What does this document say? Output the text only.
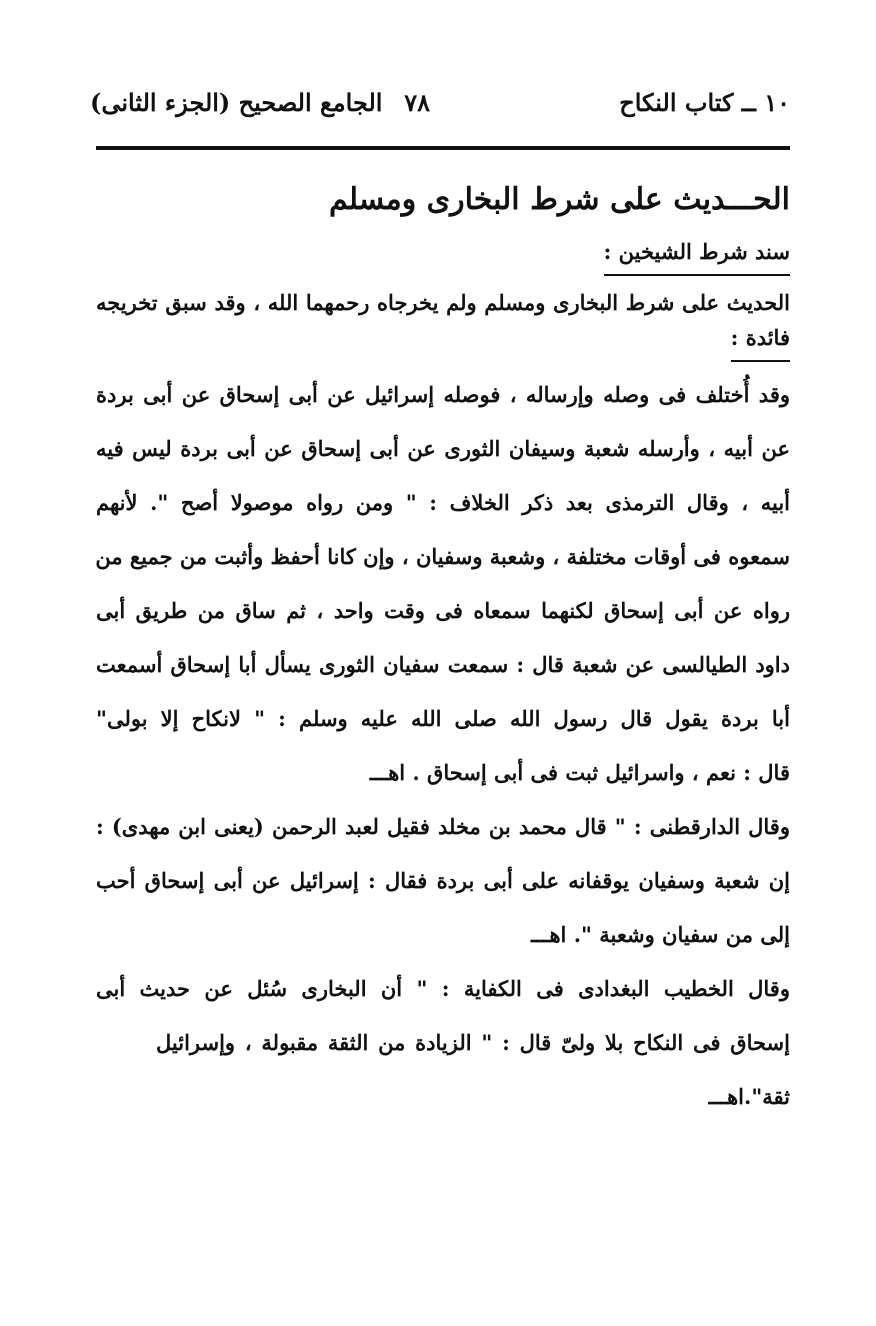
١٠ ــ كتاب النكاح
٧٨
الجامع الصحيح (الجزء الثانى)
الحـــديث على شرط البخارى ومسلم
سند شرط الشيخين :
الحديث على شرط البخارى ومسلم ولم يخرجاه رحمهما الله ، وقد سبق تخريجه
فائدة :
وقد أُختلف فى وصله وإرساله ، فوصله إسرائيل عن أبى إسحاق عن أبى بردة
عن أبيه ، وأرسله شعبة وسيفان الثورى عن أبى إسحاق عن أبى بردة ليس فيه
أبيه ، وقال الترمذى بعد ذكر الخلاف : " ومن رواه موصولا أصح ". لأنهم
سمعوه فى أوقات مختلفة ، وشعبة وسفيان ، وإن كانا أحفظ وأثبت من جميع من
رواه عن أبى إسحاق لكنهما سمعاه فى وقت واحد ، ثم ساق من طريق أبى
داود الطيالسى عن شعبة قال : سمعت سفيان الثورى يسأل أبا إسحاق أسمعت
أبا بردة يقول قال رسول الله صلى الله عليه وسلم : " لانكاح إلا بولى"
قال : نعم ، واسرائيل ثبت فى أبى إسحاق . اهـــ
وقال الدارقطنى : " قال محمد بن مخلد فقيل لعبد الرحمن (يعنى ابن مهدى) :
إن شعبة وسفيان يوقفانه على أبى بردة فقال : إسرائيل عن أبى إسحاق أحب
إلى من سفيان وشعبة ". اهـــ
وقال الخطيب البغدادى فى الكفاية : " أن البخارى سُئل عن حديث أبى
إسحاق فى النكاح بلا ولىّ قال : " الزيادة من الثقة مقبولة ، وإسرائيل
ثقة".اهـــ
